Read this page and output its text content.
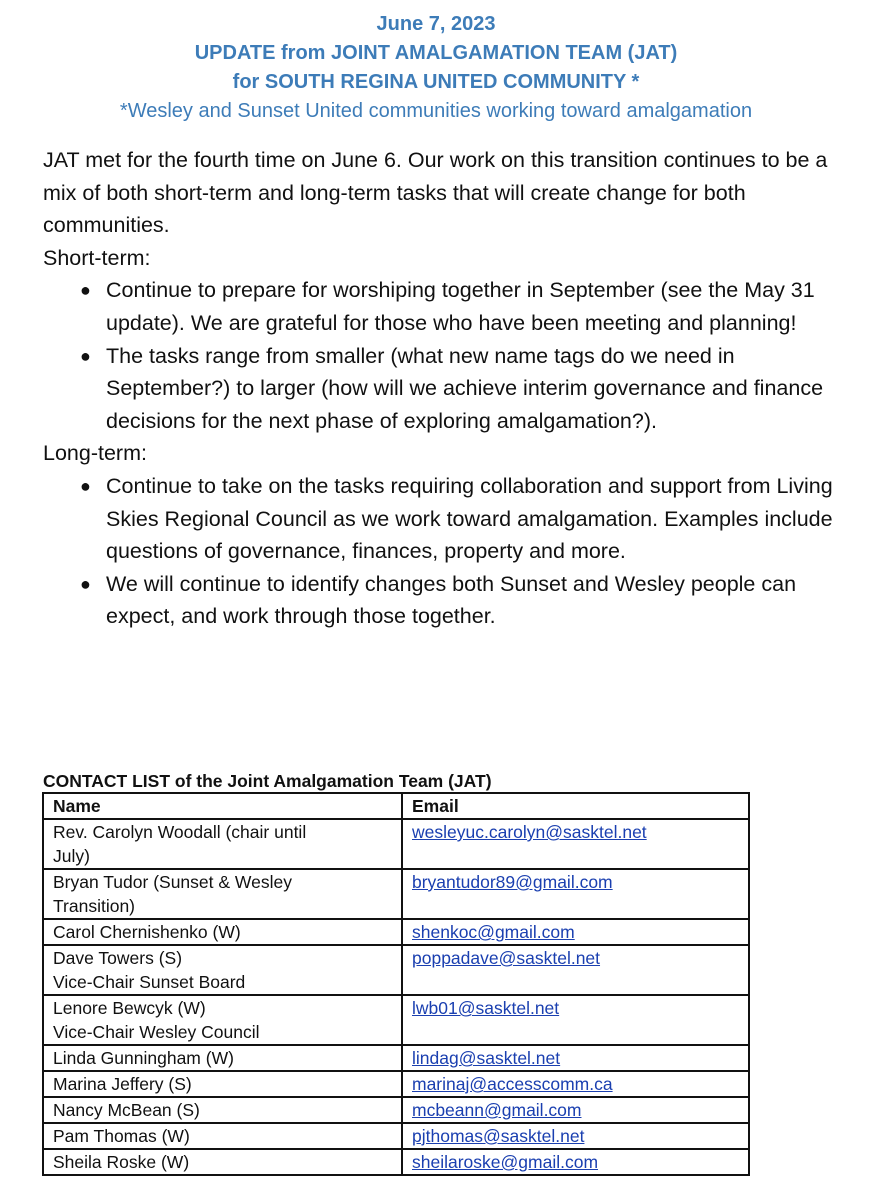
June 7, 2023
UPDATE from JOINT AMALGAMATION TEAM (JAT)
for SOUTH REGINA UNITED COMMUNITY *
*Wesley and Sunset United communities working toward amalgamation

JAT met for the fourth time on June 6. Our work on this transition continues to be a mix of both short-term and long-term tasks that will create change for both communities.

Short-term:

● Continue to prepare for worshiping together in September (see the May 31 update). We are grateful for those who have been meeting and planning!
● The tasks range from smaller (what new name tags do we need in September?) to larger (how will we achieve interim governance and finance decisions for the next phase of exploring amalgamation?).

Long-term:

● Continue to take on the tasks requiring collaboration and support from Living Skies Regional Council as we work toward amalgamation. Examples include questions of governance, finances, property and more.
● We will continue to identify changes both Sunset and Wesley people can expect, and work through those together.
CONTACT LIST of the Joint Amalgamation Team (JAT)
Name	Email

Rev. Carolyn Woodall (chair until
July)	wesleyuc.carolyn@sasktel.net

Bryan Tudor (Sunset & Wesley
Transition)	bryantudor89@gmail.com
Carol Chernishenko (W)	shenkoc@gmail.com

Dave Towers (S)
Vice-Chair Sunset Board	poppadave@sasktel.net

Lenore Bewcyk (W)
Vice-Chair Wesley Council	lwb01@sasktel.net
Linda Gunningham (W)	lindag@sasktel.net
Marina Jeffery (S)	marinaj@accesscomm.ca
Nancy McBean (S)	mcbeann@gmail.com
Pam Thomas (W)	pjthomas@sasktel.net
Sheila Roske (W)	sheilaroske@gmail.com
